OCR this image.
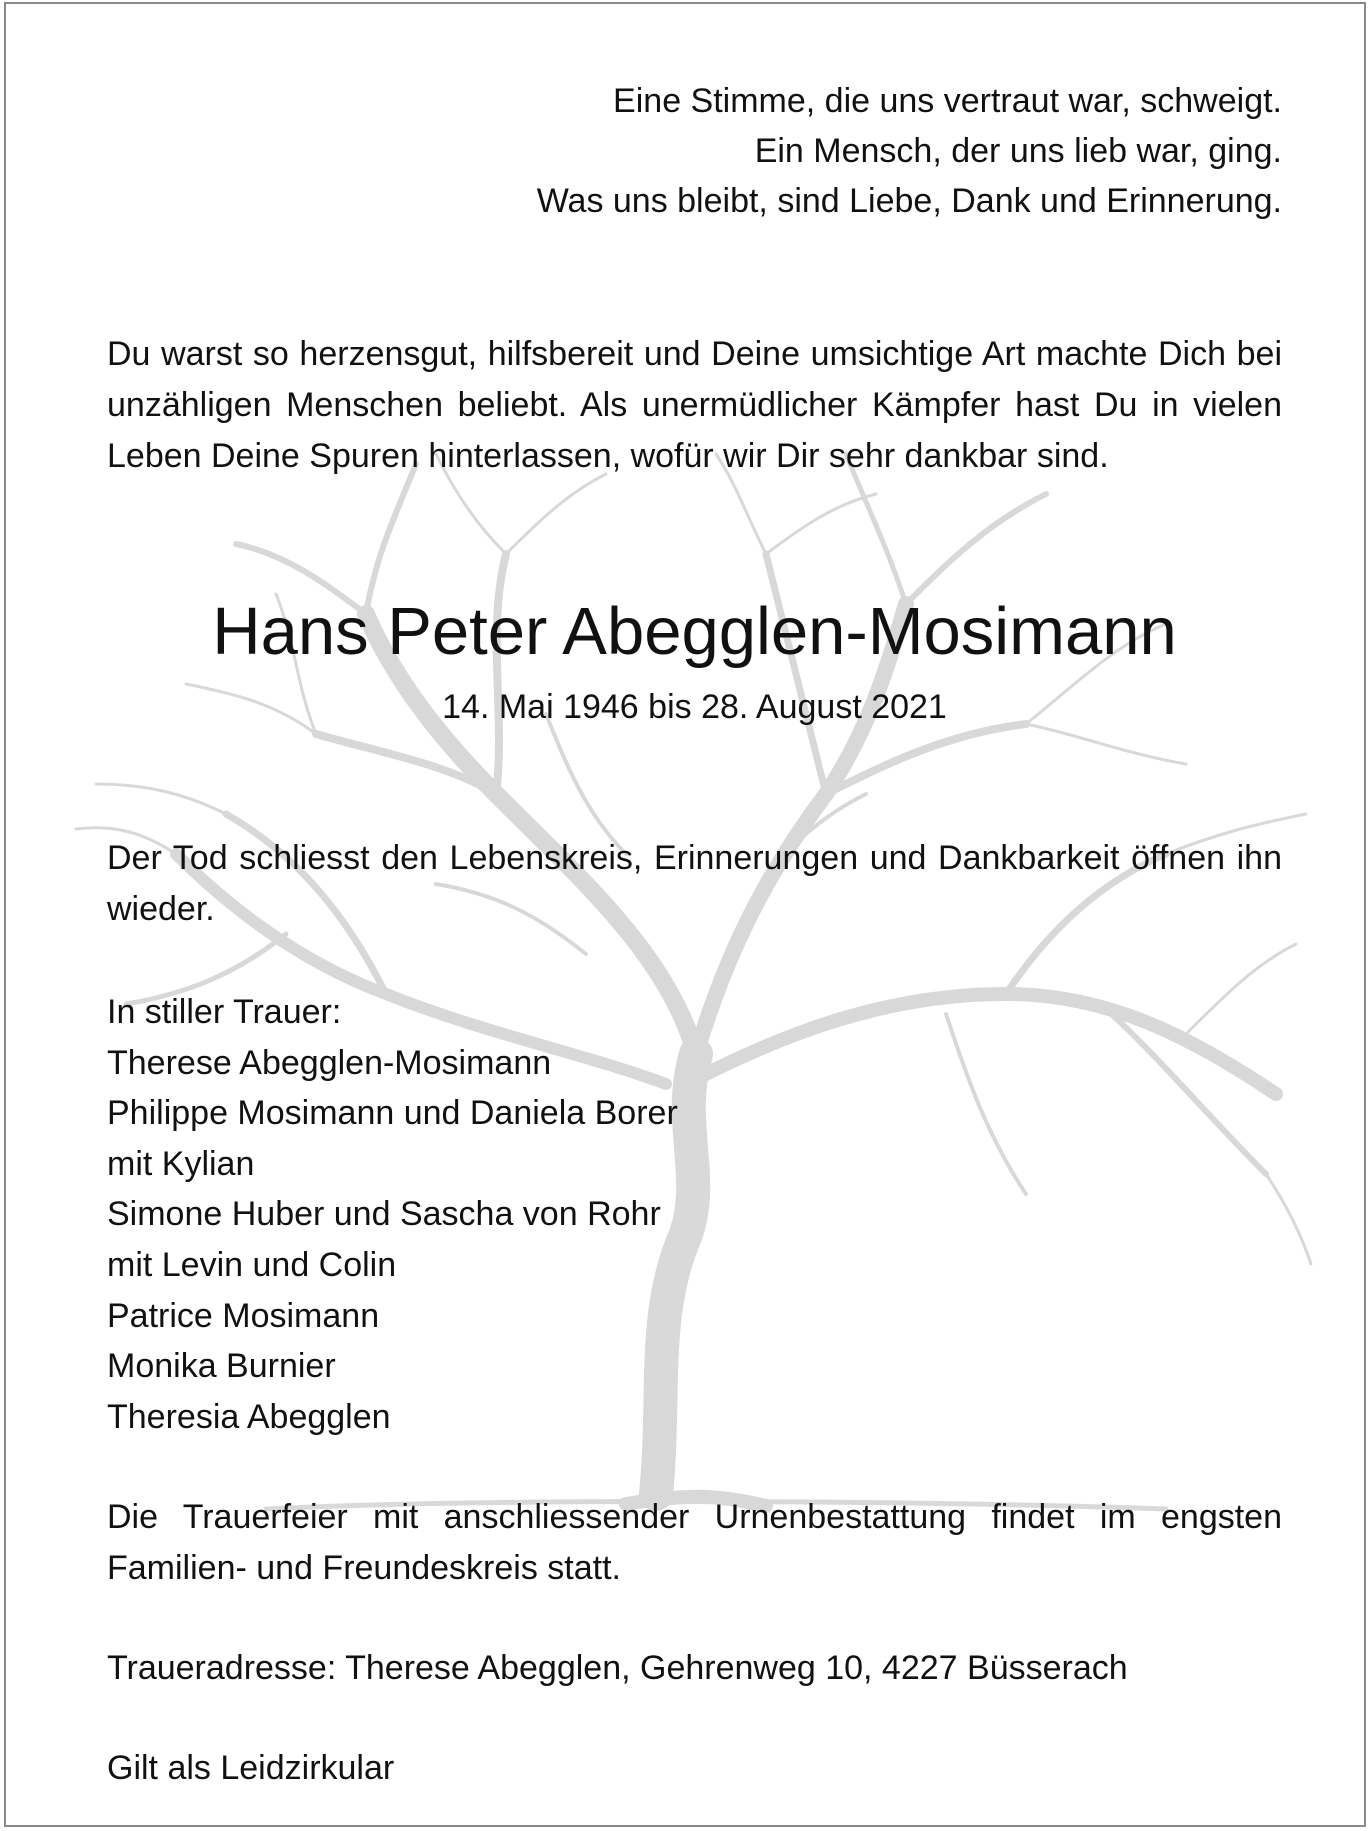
Eine Stimme, die uns vertraut war, schweigt.
Ein Mensch, der uns lieb war, ging.
Was uns bleibt, sind Liebe, Dank und Erinnerung.
Du warst so herzensgut, hilfsbereit und Deine umsichtige Art machte Dich bei unzähligen Menschen beliebt. Als unermüdlicher Kämpfer hast Du in vielen Leben Deine Spuren hinterlassen, wofür wir Dir sehr dankbar sind.
Hans Peter Abegglen-Mosimann
14. Mai 1946 bis 28. August 2021
Der Tod schliesst den Lebenskreis, Erinnerungen und Dankbarkeit öffnen ihn wieder.
In stiller Trauer:
Therese Abegglen-Mosimann
Philippe Mosimann und Daniela Borer
mit Kylian
Simone Huber und Sascha von Rohr
mit Levin und Colin
Patrice Mosimann
Monika Burnier
Theresia Abegglen
Die Trauerfeier mit anschliessender Urnenbestattung findet im engsten Familien- und Freundeskreis statt.
Traueradresse: Therese Abegglen, Gehrenweg 10, 4227 Büsserach
Gilt als Leidzirkular
